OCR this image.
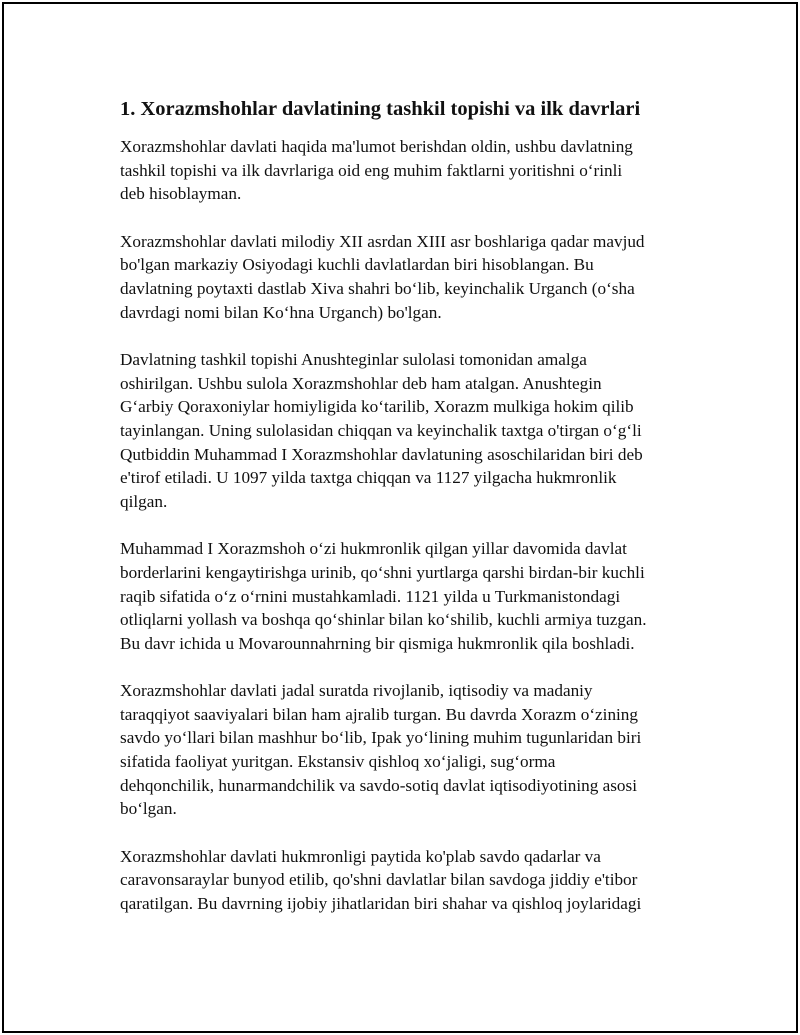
1. Xorazmshohlar davlatining tashkil topishi va ilk davrlari

Xorazmshohlar davlati haqida ma'lumot berishdan oldin, ushbu davlatning
tashkil topishi va ilk davrlariga oid eng muhim faktlarni yoritishni o‘rinli
deb hisoblayman.

Xorazmshohlar davlati milodiy XII asrdan XIII asr boshlariga qadar mavjud
bo'lgan markaziy Osiyodagi kuchli davlatlardan biri hisoblangan. Bu
davlatning poytaxti dastlab Xiva shahri bo‘lib, keyinchalik Urganch (o‘sha
davrdagi nomi bilan Ko‘hna Urganch) bo'lgan.

Davlatning tashkil topishi Anushteginlar sulolasi tomonidan amalga
oshirilgan. Ushbu sulola Xorazmshohlar deb ham atalgan. Anushtegin
G‘arbiy Qoraxoniylar homiyligida ko‘tarilib, Xorazm mulkiga hokim qilib
tayinlangan. Uning sulolasidan chiqqan va keyinchalik taxtga o'tirgan o‘g‘li
Qutbiddin Muhammad I Xorazmshohlar davlatuning asoschilaridan biri deb
e'tirof etiladi. U 1097 yilda taxtga chiqqan va 1127 yilgacha hukmronlik
qilgan.

Muhammad I Xorazmshoh o‘zi hukmronlik qilgan yillar davomida davlat
borderlarini kengaytirishga urinib, qo‘shni yurtlarga qarshi birdan-bir kuchli
raqib sifatida o‘z o‘rnini mustahkamladi. 1121 yilda u Turkmanistondagi
otliqlarni yollash va boshqa qo‘shinlar bilan ko‘shilib, kuchli armiya tuzgan.
Bu davr ichida u Movarounnahrning bir qismiga hukmronlik qila boshladi.

Xorazmshohlar davlati jadal suratda rivojlanib, iqtisodiy va madaniy
taraqqiyot saaviyalari bilan ham ajralib turgan. Bu davrda Xorazm o‘zining
savdo yo‘llari bilan mashhur bo‘lib, Ipak yo‘lining muhim tugunlaridan biri
sifatida faoliyat yuritgan. Ekstansiv qishloq xo‘jaligi, sug‘orma
dehqonchilik, hunarmandchilik va savdo-sotiq davlat iqtisodiyotining asosi
bo‘lgan.

Xorazmshohlar davlati hukmronligi paytida ko'plab savdo qadarlar va
caravonsaraylar bunyod etilib, qo'shni davlatlar bilan savdoga jiddiy e'tibor
qaratilgan. Bu davrning ijobiy jihatlaridan biri shahar va qishloq joylaridagi
